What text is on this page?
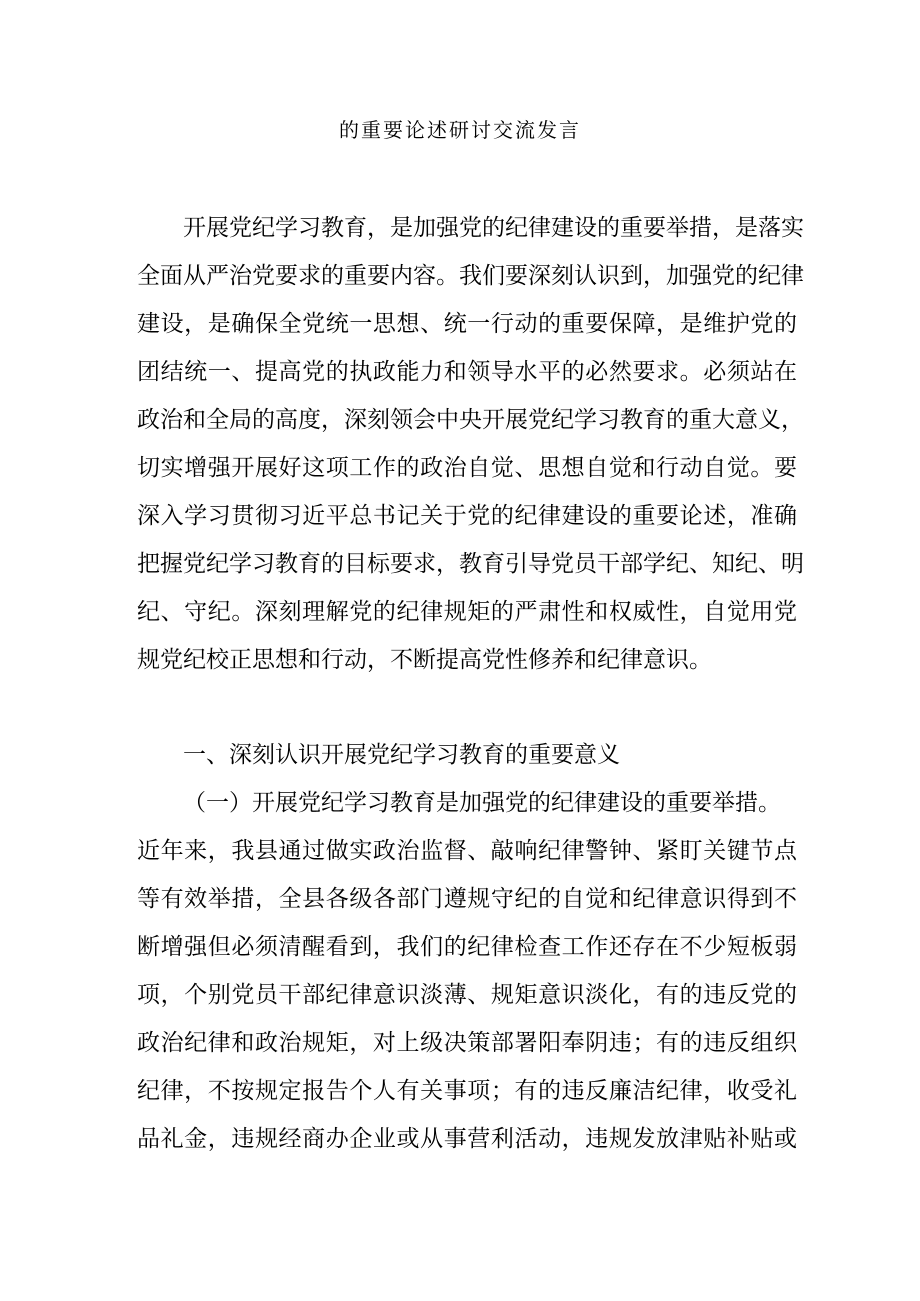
的重要论述研讨交流发言
开展党纪学习教育，是加强党的纪律建设的重要举措，是落实
全面从严治党要求的重要内容。我们要深刻认识到，加强党的纪律
建设，是确保全党统一思想、统一行动的重要保障，是维护党的
团结统一、提高党的执政能力和领导水平的必然要求。必须站在
政治和全局的高度，深刻领会中央开展党纪学习教育的重大意义，
切实增强开展好这项工作的政治自觉、思想自觉和行动自觉。要
深入学习贯彻习近平总书记关于党的纪律建设的重要论述，准确
把握党纪学习教育的目标要求，教育引导党员干部学纪、知纪、明
纪、守纪。深刻理解党的纪律规矩的严肃性和权威性，自觉用党
规党纪校正思想和行动，不断提高党性修养和纪律意识。
一、深刻认识开展党纪学习教育的重要意义
（一）开展党纪学习教育是加强党的纪律建设的重要举措。
近年来，我县通过做实政治监督、敲响纪律警钟、紧盯关键节点
等有效举措，全县各级各部门遵规守纪的自觉和纪律意识得到不
断增强但必须清醒看到，我们的纪律检查工作还存在不少短板弱
项，个别党员干部纪律意识淡薄、规矩意识淡化，有的违反党的
政治纪律和政治规矩，对上级决策部署阳奉阴违；有的违反组织
纪律，不按规定报告个人有关事项；有的违反廉洁纪律，收受礼
品礼金，违规经商办企业或从事营利活动，违规发放津贴补贴或
